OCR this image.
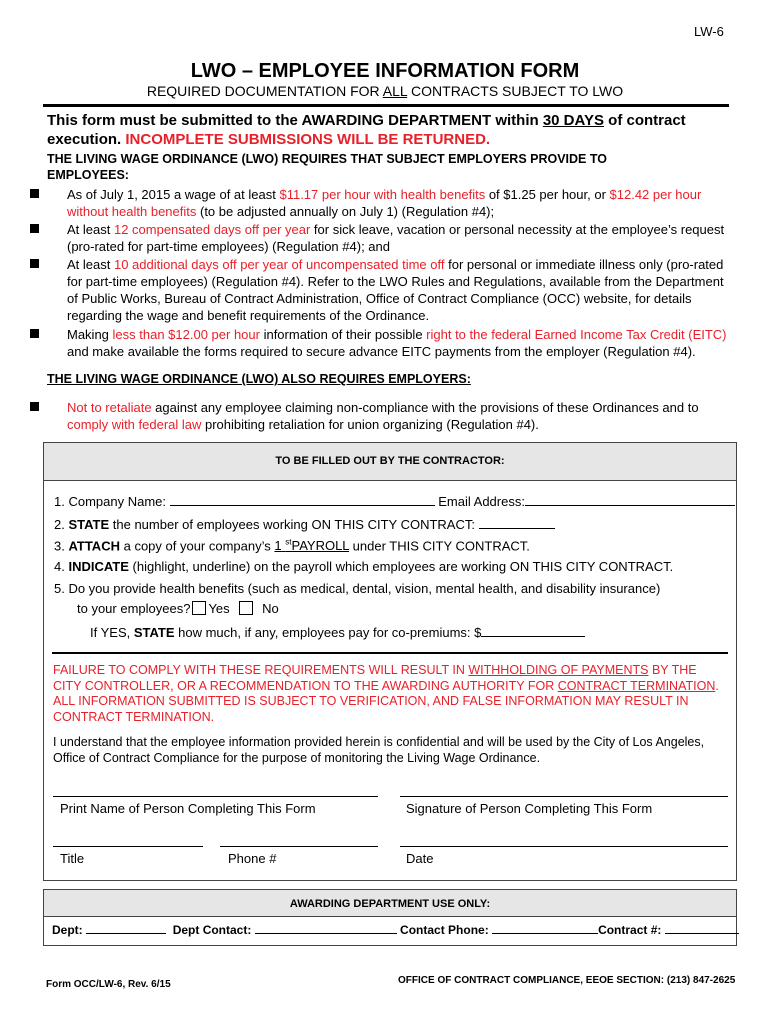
LW-6
LWO – EMPLOYEE INFORMATION FORM
REQUIRED DOCUMENTATION FOR ALL CONTRACTS SUBJECT TO LWO
This form must be submitted to the AWARDING DEPARTMENT within 30 DAYS of contract
execution. INCOMPLETE SUBMISSIONS WILL BE RETURNED.
THE LIVING WAGE ORDINANCE (LWO) REQUIRES THAT SUBJECT EMPLOYERS PROVIDE TO
EMPLOYEES:
As of July 1, 2015 a wage of at least $11.17 per hour with health benefits of $1.25 per hour, or $12.42 per hour
without health benefits (to be adjusted annually on July 1) (Regulation #4);
At least 12 compensated days off per year for sick leave, vacation or personal necessity at the employee’s request
(pro-rated for part-time employees) (Regulation #4); and
At least 10 additional days off per year of uncompensated time off for personal or immediate illness only (pro-rated
for part-time employees) (Regulation #4). Refer to the LWO Rules and Regulations, available from the Department
of Public Works, Bureau of Contract Administration, Office of Contract Compliance (OCC) website, for details
regarding the wage and benefit requirements of the Ordinance.
Making less than $12.00 per hour information of their possible right to the federal Earned Income Tax Credit (EITC)
and make available the forms required to secure advance EITC payments from the employer (Regulation #4).
THE LIVING WAGE ORDINANCE (LWO) ALSO REQUIRES EMPLOYERS:
Not to retaliate against any employee claiming non-compliance with the provisions of these Ordinances and to
comply with federal law prohibiting retaliation for union organizing (Regulation #4).
TO BE FILLED OUT BY THE CONTRACTOR:
1. Company Name:	Email Address:
2. STATE the number of employees working ON THIS CITY CONTRACT:
3. ATTACH a copy of your company’s 1 $^{st}$PAYROLL under THIS CITY CONTRACT.
4. INDICATE (highlight, underline) on the payroll which employees are working ON THIS CITY CONTRACT.
5. Do you provide health benefits (such as medical, dental, vision, mental health, and disability insurance)
to your employees? Yes No
If YES, STATE how much, if any, employees pay for co-premiums: $
FAILURE TO COMPLY WITH THESE REQUIREMENTS WILL RESULT IN WITHHOLDING OF PAYMENTS BY THE
CITY CONTROLLER, OR A RECOMMENDATION TO THE AWARDING AUTHORITY FOR CONTRACT TERMINATION.
ALL INFORMATION SUBMITTED IS SUBJECT TO VERIFICATION, AND FALSE INFORMATION MAY RESULT IN
CONTRACT TERMINATION.
I understand that the employee information provided herein is confidential and will be used by the City of Los Angeles,
Office of Contract Compliance for the purpose of monitoring the Living Wage Ordinance.
Print Name of Person Completing This Form	Signature of Person Completing This Form
Title	Phone #	Date
AWARDING DEPARTMENT USE ONLY:
Dept:	Dept Contact:	Contact Phone:	Contract #:
Form OCC/LW-6, Rev. 6/15	OFFICE OF CONTRACT COMPLIANCE, EEOE SECTION: (213) 847-2625
